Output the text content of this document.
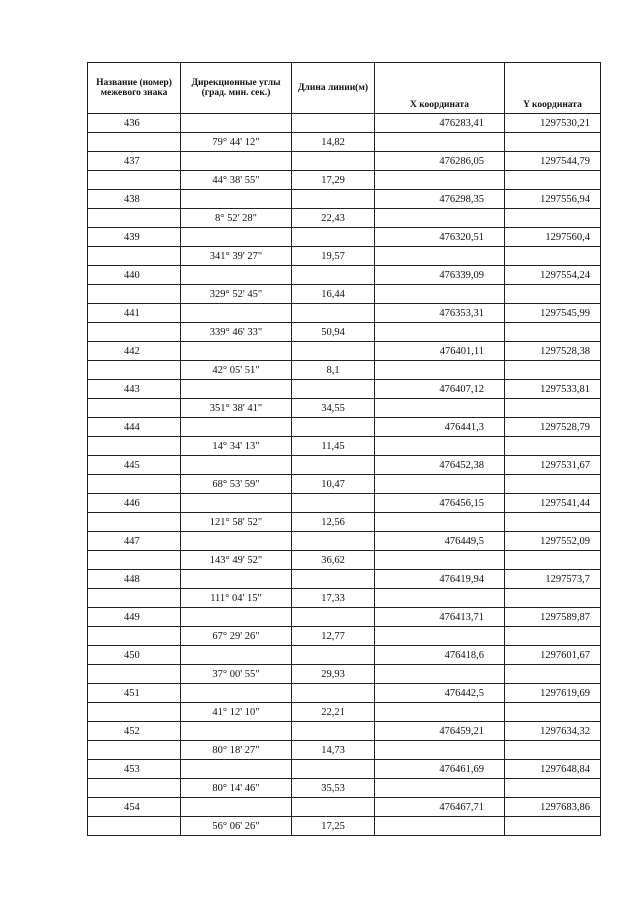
Название (номер) межевого знака	Дирекционные углы (град. мин. сек.)	Длина линии(м)	X координата	Y координата
436			476283,41	1297530,21
	79° 44' 12"	14,82		
437			476286,05	1297544,79
	44° 38' 55"	17,29		
438			476298,35	1297556,94
	8° 52' 28"	22,43		
439			476320,51	1297560,4
	341° 39' 27"	19,57		
440			476339,09	1297554,24
	329° 52' 45"	16,44		
441			476353,31	1297545,99
	339° 46' 33"	50,94		
442			476401,11	1297528,38
	42° 05' 51"	8,1		
443			476407,12	1297533,81
	351° 38' 41"	34,55		
444			476441,3	1297528,79
	14° 34' 13"	11,45		
445			476452,38	1297531,67
	68° 53' 59"	10,47		
446			476456,15	1297541,44
	121° 58' 52"	12,56		
447			476449,5	1297552,09
	143° 49' 52"	36,62		
448			476419,94	1297573,7
	111° 04' 15"	17,33		
449			476413,71	1297589,87
	67° 29' 26"	12,77		
450			476418,6	1297601,67
	37° 00' 55"	29,93		
451			476442,5	1297619,69
	41° 12' 10"	22,21		
452			476459,21	1297634,32
	80° 18' 27"	14,73		
453			476461,69	1297648,84
	80° 14' 46"	35,53		
454			476467,71	1297683,86
	56° 06' 26"	17,25		
